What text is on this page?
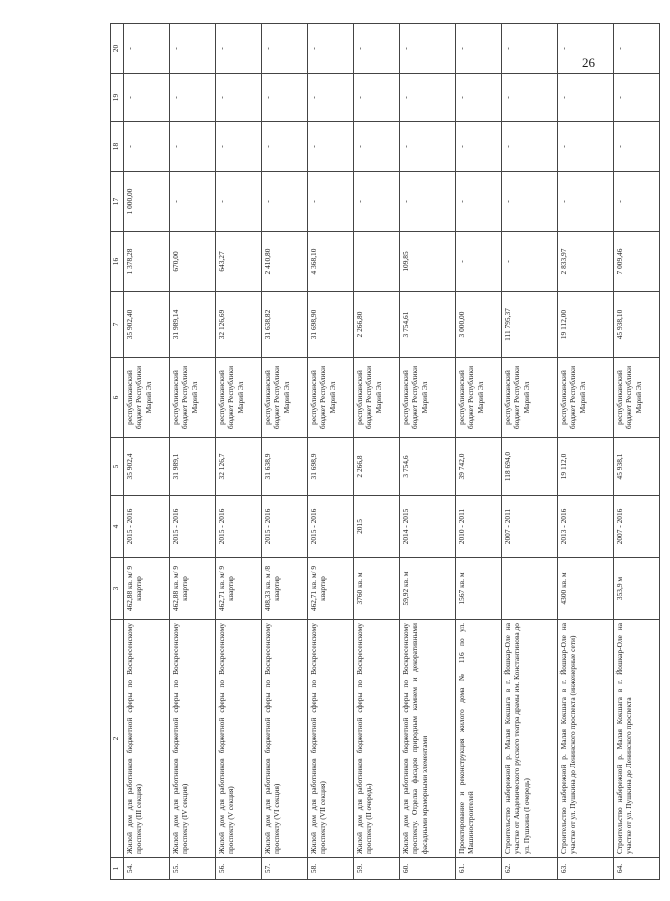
26
1	2	3	4	5	6	7	16	17	18	19	20
54.	Жилой дом для работников бюджетной сферы по Воскресенскому проспекту (III секция)	462,88 кв. м/ 9 квартир	2015 - 2016	35 902,4	республиканский бюджет Республики Марий Эл	35 902,40	1 378,28	1 000,00	-	-	-
55.	Жилой дом для работников бюджетной сферы по Воскресенскому проспекту (IV секция)	462,88 кв. м/ 9 квартир	2015 - 2016	31 989,1	республиканский бюджет Республики Марий Эл	31 989,14	670,00	-	-	-	-
56.	Жилой дом для работников бюджетной сферы по Воскресенскому проспекту (V секция)	462,71 кв. м/ 9 квартир	2015 - 2016	32 126,7	республиканский бюджет Республики Марий Эл	32 126,69	643,27	-	-	-	-
57.	Жилой дом для работников бюджетной сферы по Воскресенскому проспекту (VI секция)	408,33 кв. м /8 квартир	2015 - 2016	31 638,9	республиканский бюджет Республики Марий Эл	31 638,82	2 410,80	-	-	-	-
58.	Жилой дом для работников бюджетной сферы по Воскресенскому проспекту (VII секция)	462,71 кв. м/ 9 квартир	2015 - 2016	31 698,9	республиканский бюджет Республики Марий Эл	31 698,90	4 368,10	-	-	-	-
59.	Жилой дом для работников бюджетной сферы по Воскресенскому проспекту (II очередь)	3760 кв. м	2015	2 266,8	республиканский бюджет Республики Марий Эл	2 266,80		-	-	-	-
60.	Жилой дом для работников бюджетной сферы по Воскресенскому проспекту. Отделка фасадов природным камнем и декоративными фасадными мраморными элементами	59,92 кв. м	2014 - 2015	3 754,6	республиканский бюджет Республики Марий Эл	3 754,61	109,85	-	-	-	-
61.	Проектирование и реконструкция жилого дома № 116 по ул. Машиностроителей	1567 кв. м	2010 - 2011	39 742,0	республиканский бюджет Республики Марий Эл	3 000,00	-	-	-	-	-
62.	Строительство набережной р. Малая Кокшага в г. Йошкар-Оле на участке от Академического русского театра драмы им. Константинова до ул. Пушкина (I очередь)		2007 - 2011	118 694,0	республиканский бюджет Республики Марий Эл	111 795,37	-	-	-	-	-
63.	Строительство набережной р. Малая Кокшага в г. Йошкар-Оле на участке от ул. Пушкина до Ленинского проспекта (инженерные сети)	4300 кв. м	2013 - 2016	19 112,0	республиканский бюджет Республики Марий Эл	19 112,00	2 833,97	-	-	-	-
64.	Строительство набережной р. Малая Кокшага в г. Йошкар-Оле на участке от ул. Пушкина до Ленинского проспекта	353,9 м	2007 - 2016	45 938,1	республиканский бюджет Республики Марий Эл	45 938,10	7 009,46	-	-	-	-
